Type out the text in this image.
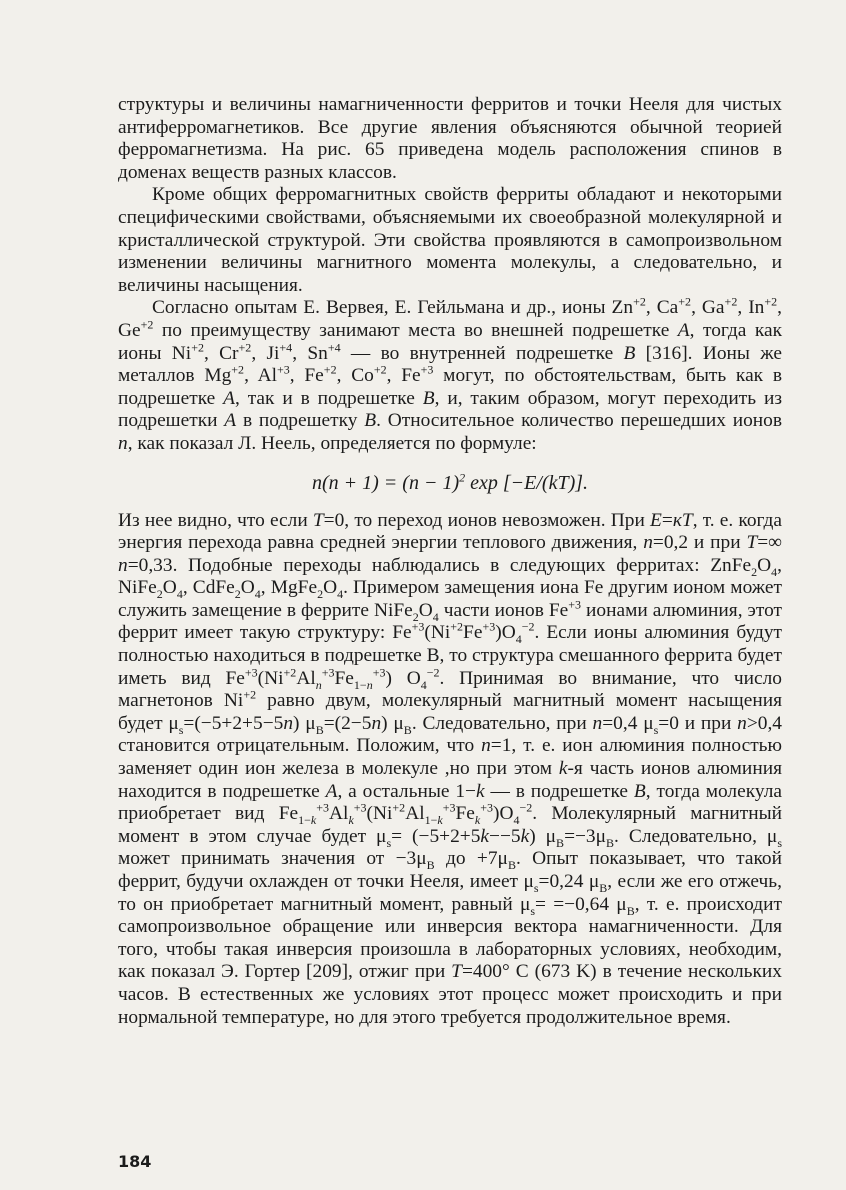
структуры и величины намагниченности ферритов и точки Нееля для чистых антиферромагнетиков. Все другие явления объясняются обычной теорией ферромагнетизма. На рис. 65 приведена модель расположения спинов в доменах веществ разных классов.

Кроме общих ферромагнитных свойств ферриты обладают и некоторыми специфическими свойствами, объясняемыми их своеобразной молекулярной и кристаллической структурой. Эти свойства проявляются в самопроизвольном изменении величины магнитного момента молекулы, а следовательно, и величины насыщения.

Согласно опытам Е. Вервея, Е. Гейльмана и др., ионы $Zn^{+2}$, $Ca^{+2}$, $Ga^{+2}$, $In^{+2}$, $Ge^{+2}$ по преимуществу занимают места во внешней подрешетке A, тогда как ионы $Ni^{+2}$, $Cr^{+2}$, $Ji^{+4}$, $Sn^{+4}$ — во внутренней подрешетке B [316]. Ионы же металлов $Mg^{+2}$, $Al^{+3}$, $Fe^{+2}$, $Co^{+2}$, $Fe^{+3}$ могут, по обстоятельствам, быть как в подрешетке A, так и в подрешетке B, и, таким образом, могут переходить из подрешетки A в подрешетку B. Относительное количество перешедших ионов n, как показал Л. Неель, определяется по формуле:

$n(n + 1) = (n - 1)^2$ exp [−E/(kT)].

Из нее видно, что если T=0, то переход ионов невозможен. При E=кT, т. е. когда энергия перехода равна средней энергии теплового движения, n=0,2 и при T=∞ n=0,33. Подобные переходы наблюдались в следующих ферритах: $ZnFe_2O_4$, $NiFe_2O_4$, $CdFe_2O_4$, $MgFe_2O_4$. Примером замещения иона Fe другим ионом может служить замещение в феррите $NiFe_2O_4$ части ионов $Fe^{+3}$ ионами алюминия, этот феррит имеет такую структуру: $Fe^{+3}(Ni^{+2}Fe^{+3})O_4^{-2}$. Если ионы алюминия будут полностью находиться в подрешетке B, то структура смешанного феррита будет иметь вид $Fe^{+3}(Ni^{+2}Al_n^{+3}Fe_{1-n}^{+3})$ $O_4^{-2}$. Принимая во внимание, что число магнетонов $Ni^{+2}$ равно двум, молекулярный магнитный момент насыщения будет $\mu_s=(-5+2+5-5n)$ $\mu_B=(2-5n)$ $\mu_B$. Следовательно, при n=0,4 $\mu_s=0$ и при n>0,4 становится отрицательным. Положим, что n=1, т. е. ион алюминия полностью заменяет один ион железа в молекуле ,но при этом k-я часть ионов алюминия находится в подрешетке A, а остальные 1−k — в подрешетке B, тогда молекула приобретает вид $Fe_{1-k}^{+3}Al_k^{+3}(Ni^{+2}Al_{1-k}^{+3}Fe_k^{+3})O_4^{-2}$. Молекулярный магнитный момент в этом случае будет $\mu_s= (-5+2+5k--5k)$ $\mu_B=-3\mu_B$. Следовательно, $\mu_s$ может принимать значения от $-3\mu_B$ до $+7\mu_B$. Опыт показывает, что такой феррит, будучи охлажден от точки Нееля, имеет $\mu_s=0,24$ $\mu_B$, если же его отжечь, то он приобретает магнитный момент, равный $\mu_s= =-0,64$ $\mu_B$, т. е. происходит самопроизвольное обращение или инверсия вектора намагниченности. Для того, чтобы такая инверсия произошла в лабораторных условиях, необходим, как показал Э. Гортер [209], отжиг при T=400° C (673 K) в течение нескольких часов. В естественных же условиях этот процесс может происходить и при нормальной температуре, но для этого требуется продолжительное время.

184
